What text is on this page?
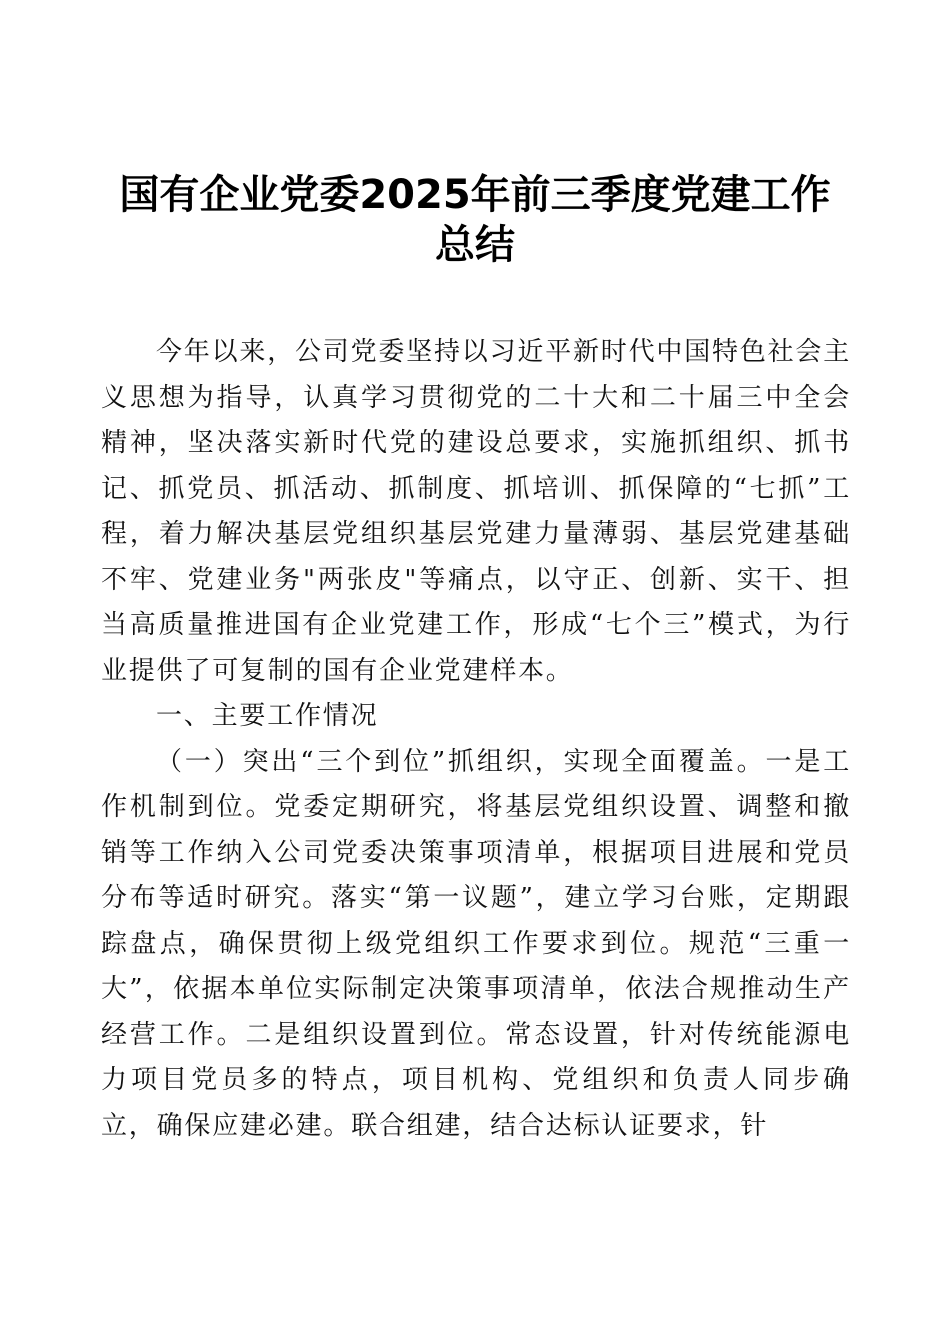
国有企业党委2025年前三季度党建工作
总结

今年以来，公司党委坚持以习近平新时代中国特色社会主义思想为指导，认真学习贯彻党的二十大和二十届三中全会精神，坚决落实新时代党的建设总要求，实施抓组织、抓书记、抓党员、抓活动、抓制度、抓培训、抓保障的“七抓”工程，着力解决基层党组织基层党建力量薄弱、基层党建基础不牢、党建业务"两张皮"等痛点，以守正、创新、实干、担当高质量推进国有企业党建工作，形成“七个三”模式，为行业提供了可复制的国有企业党建样本。

一、主要工作情况

（一）突出“三个到位”抓组织，实现全面覆盖。一是工作机制到位。党委定期研究，将基层党组织设置、调整和撤销等工作纳入公司党委决策事项清单，根据项目进展和党员分布等适时研究。落实“第一议题”，建立学习台账，定期跟踪盘点，确保贯彻上级党组织工作要求到位。规范“三重一大”，依据本单位实际制定决策事项清单，依法合规推动生产经营工作。二是组织设置到位。常态设置，针对传统能源电力项目党员多的特点，项目机构、党组织和负责人同步确立，确保应建必建。联合组建，结合达标认证要求，针
